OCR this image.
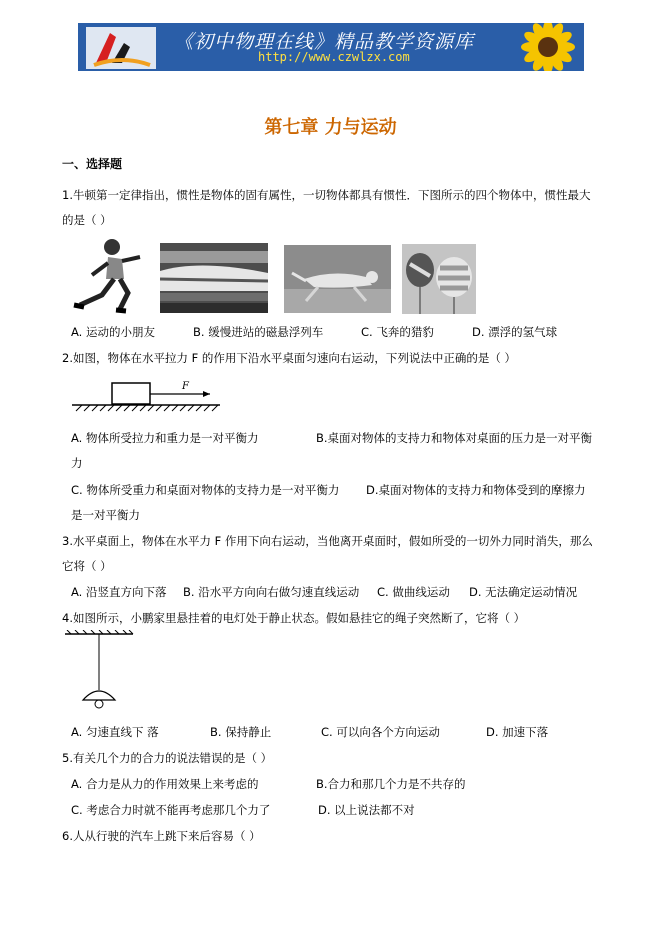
《初中物理在线》精品教学资源库
http://www.czwlzx.com
第七章 力与运动
一、选择题
1.牛顿第一定律指出，惯性是物体的固有属性，一切物体都具有惯性．下图所示的四个物体中，惯性最大
的是（ ）
A. 运动的小朋友	B. 缓慢进站的磁悬浮列车	C. 飞奔的猎豹	D. 漂浮的氢气球
2.如图，物体在水平拉力 F 的作用下沿水平桌面匀速向右运动，下列说法中正确的是（ ）
F
A. 物体所受拉力和重力是一对平衡力	B.桌面对物体的支持力和物体对桌面的压力是一对平衡
力
C. 物体所受重力和桌面对物体的支持力是一对平衡力 D.桌面对物体的支持力和物体受到的摩擦力
是一对平衡力
3.水平桌面上，物体在水平力 F 作用下向右运动，当他离开桌面时，假如所受的一切外力同时消失，那么
它将（ ）
A. 沿竖直方向下落 B. 沿水平方向向右做匀速直线运动 C. 做曲线运动 D. 无法确定运动情况
4.如图所示，小鹏家里悬挂着的电灯处于静止状态。假如悬挂它的绳子突然断了，它将（ ）
A. 匀速直线下 落	B. 保持静止	C. 可以向各个方向运动	D. 加速下落
5.有关几个力的合力的说法错误的是（ ）
A. 合力是从力的作用效果上来考虑的	B.合力和那几个力是不共存的
C. 考虑合力时就不能再考虑那几个力了	D. 以上说法都不对
6.人从行驶的汽车上跳下来后容易（ ）
